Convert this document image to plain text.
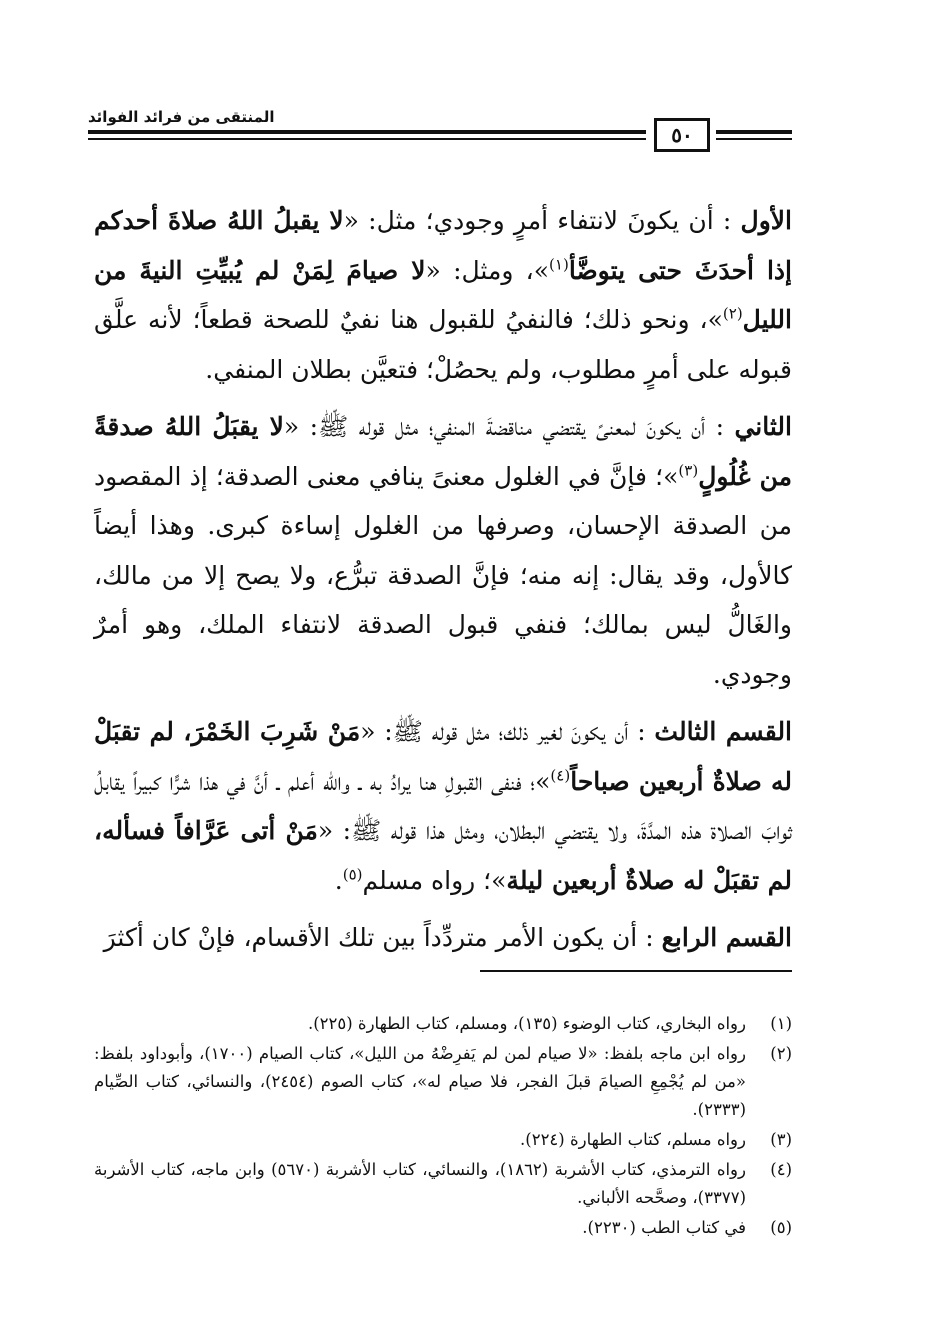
المنتقى من فرائد الفوائد
٥٠

الأول : أن يكونَ لانتفاء أمرٍ وجودي؛ مثل: «لا يقبلُ اللهُ صلاةَ أحدكم إذا أحدَثَ حتى يتوضَّأ$^{(١)}$»، ومثل: «لا صيامَ لِمَنْ لم يُبيِّتِ النيةَ من الليل$^{(٢)}$»، ونحو ذلك؛ فالنفيُ للقبول هنا نفيٌ للصحة قطعاً؛ لأنه علَّق قبوله على أمرٍ مطلوب، ولم يحصُلْ؛ فتعيَّن بطلان المنفي.

الثاني : أن يكونَ لمعنىً يقتضي مناقضةَ المنفي؛ مثل قوله ﷺ: «لا يقبَلُ اللهُ صدقةً من غُلُولٍ$^{(٣)}$»؛ فإنَّ في الغلول معنىً ينافي معنى الصدقة؛ إذ المقصود من الصدقة الإحسان، وصرفها من الغلول إساءة كبرى. وهذا أيضاً كالأول، وقد يقال: إنه منه؛ فإنَّ الصدقة تبرُّع، ولا يصح إلا من مالك، والغَالُّ ليس بمالك؛ فنفي قبول الصدقة لانتفاء الملك، وهو أمرٌ وجودي.

القسم الثالث : أن يكونَ لغير ذلك؛ مثل قوله ﷺ: «مَنْ شَرِبَ الخَمْرَ، لم تقبَلْ له صلاةٌ أربعين صباحاً$^{(٤)}$»؛ فنفى القبولِ هنا يرادُ به ـ والله أعلم ـ أنَّ في هذا شرًّا كبيراً يقابلُ ثوابَ الصلاة هذه المدَّةَ، ولا يقتضي البطلان، ومثل هذا قوله ﷺ: «مَنْ أتى عَرَّافاً فسأله، لم تقبَلْ له صلاةٌ أربعين ليلة»؛ رواه مسلم$^{(٥)}$.

القسم الرابع : أن يكون الأمر متردِّداً بين تلك الأقسام، فإنْ كان أكثرَ

(١)
رواه البخاري، كتاب الوضوء (١٣٥)، ومسلم، كتاب الطهارة (٢٢٥).
(٢)
رواه ابن ماجه بلفظ: «لا صيام لمن لم يَفرِضْهُ من الليل»، كتاب الصيام (١٧٠٠)، وأبوداود بلفظ: «من لم يُجْمِعِ الصيامَ قبلَ الفجر، فلا صيام له»، كتاب الصوم (٢٤٥٤)، والنسائي، كتاب الصِّيام (٢٣٣٣).
(٣)
رواه مسلم، كتاب الطهارة (٢٢٤).
(٤)
رواه الترمذي، كتاب الأشربة (١٨٦٢)، والنسائي، كتاب الأشربة (٥٦٧٠) وابن ماجه، كتاب الأشربة (٣٣٧٧)، وصحَّحه الألباني.
(٥)
في كتاب الطب (٢٢٣٠).
